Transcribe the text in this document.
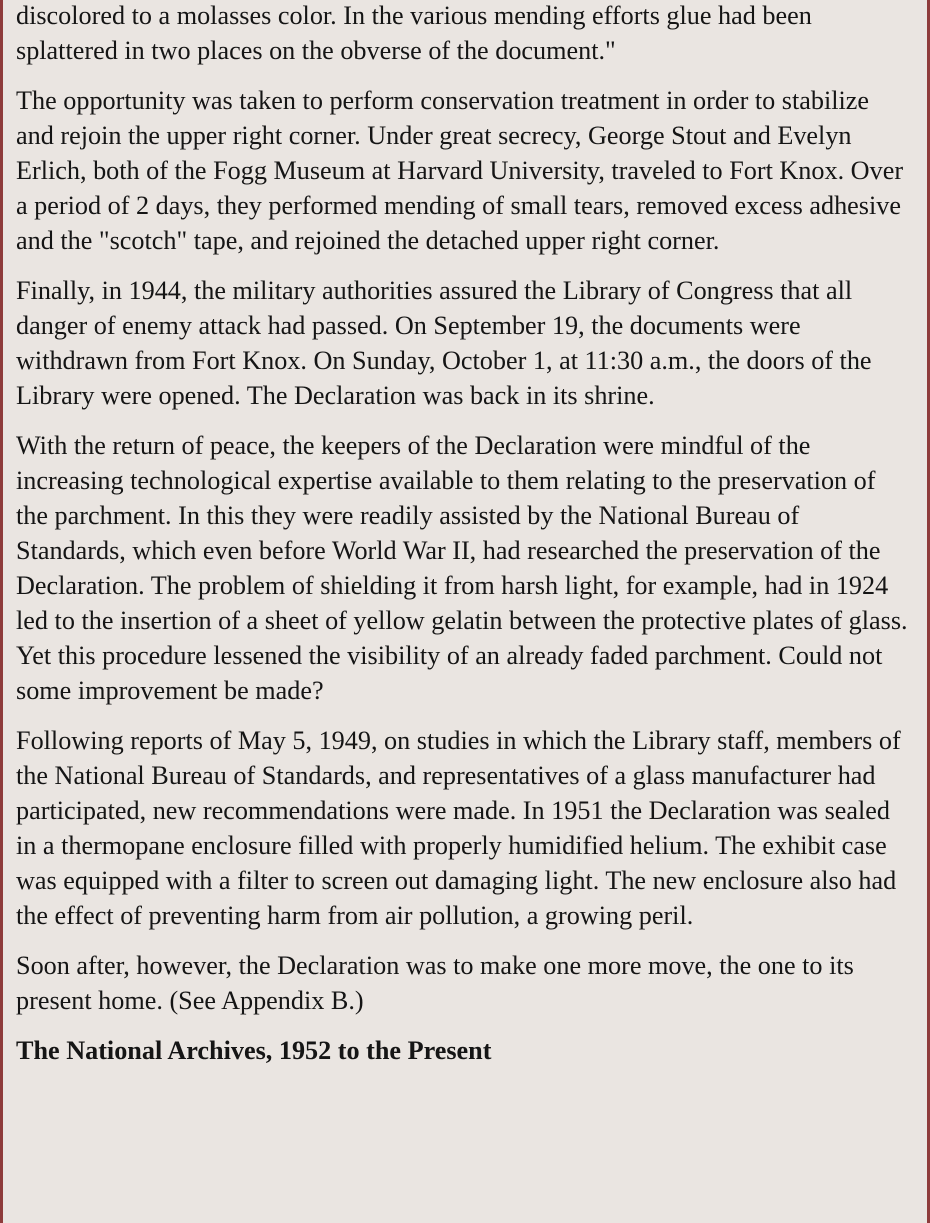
discolored to a molasses color. In the various mending efforts glue had been splattered in two places on the obverse of the document."

The opportunity was taken to perform conservation treatment in order to stabilize and rejoin the upper right corner. Under great secrecy, George Stout and Evelyn Erlich, both of the Fogg Museum at Harvard University, traveled to Fort Knox. Over a period of 2 days, they performed mending of small tears, removed excess adhesive and the "scotch" tape, and rejoined the detached upper right corner.

Finally, in 1944, the military authorities assured the Library of Congress that all danger of enemy attack had passed. On September 19, the documents were withdrawn from Fort Knox. On Sunday, October 1, at 11:30 a.m., the doors of the Library were opened. The Declaration was back in its shrine.

With the return of peace, the keepers of the Declaration were mindful of the increasing technological expertise available to them relating to the preservation of the parchment. In this they were readily assisted by the National Bureau of Standards, which even before World War II, had researched the preservation of the Declaration. The problem of shielding it from harsh light, for example, had in 1924 led to the insertion of a sheet of yellow gelatin between the protective plates of glass. Yet this procedure lessened the visibility of an already faded parchment. Could not some improvement be made?

Following reports of May 5, 1949, on studies in which the Library staff, members of the National Bureau of Standards, and representatives of a glass manufacturer had participated, new recommendations were made. In 1951 the Declaration was sealed in a thermopane enclosure filled with properly humidified helium. The exhibit case was equipped with a filter to screen out damaging light. The new enclosure also had the effect of preventing harm from air pollution, a growing peril.

Soon after, however, the Declaration was to make one more move, the one to its present home. (See Appendix B.)

The National Archives, 1952 to the Present
